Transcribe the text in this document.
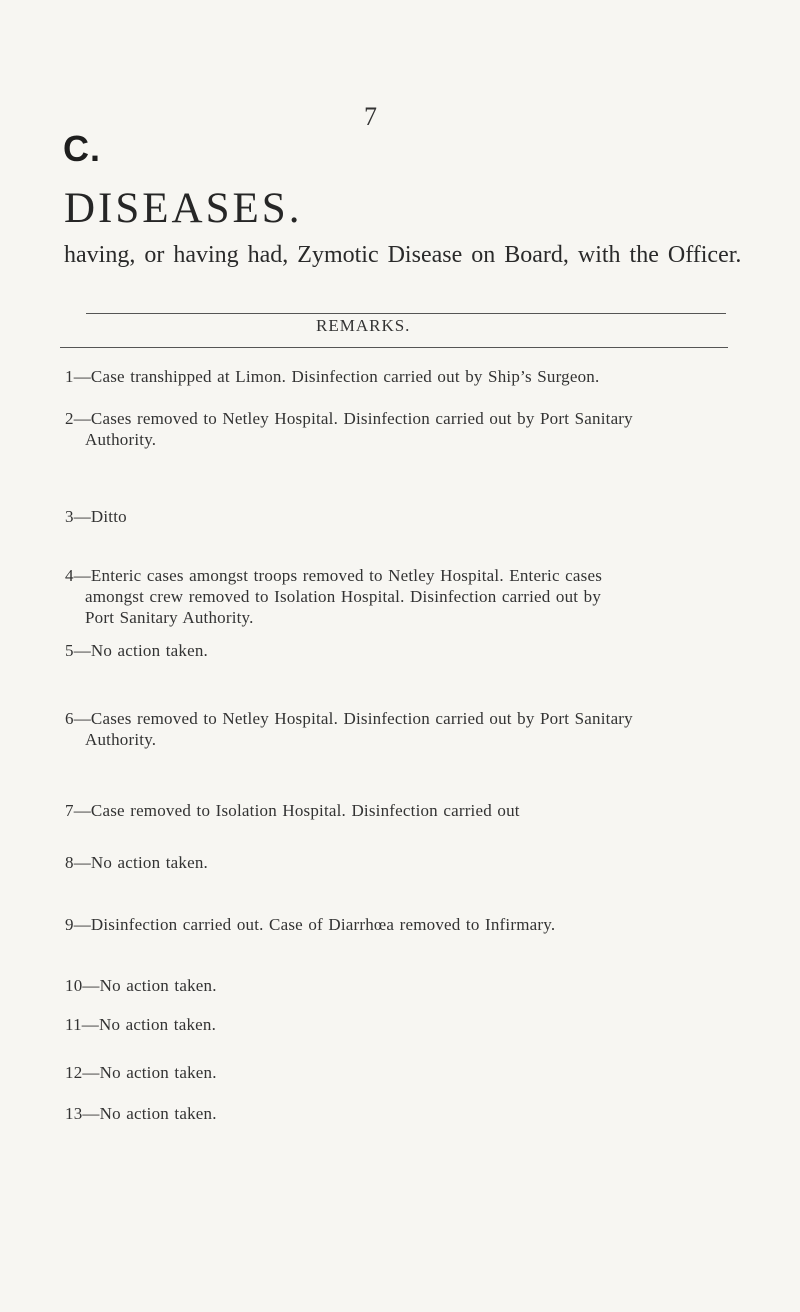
7
C.
DISEASES.
having, or having had, Zymotic Disease on Board, with the Officer.
REMARKS.
1—Case transhipped at Limon. Disinfection carried out by Ship’s Surgeon.
2—Cases removed to Netley Hospital. Disinfection carried out by Port Sanitary
Authority.
3—Ditto
4—Enteric cases amongst troops removed to Netley Hospital. Enteric cases
amongst crew removed to Isolation Hospital. Disinfection carried out by
Port Sanitary Authority.
5—No action taken.
6—Cases removed to Netley Hospital. Disinfection carried out by Port Sanitary
Authority.
7—Case removed to Isolation Hospital. Disinfection carried out
8—No action taken.
9—Disinfection carried out. Case of Diarrhœa removed to Infirmary.
10—No action taken.
11—No action taken.
12—No action taken.
13—No action taken.
